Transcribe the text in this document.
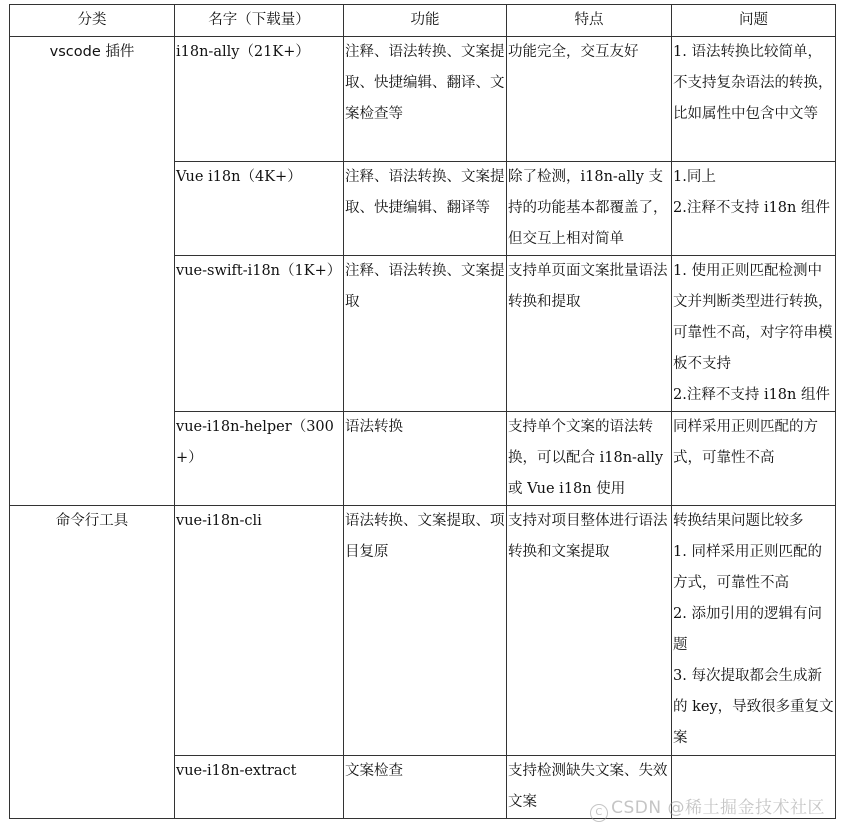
分类	名字（下载量）	功能	特点	问题
vscode 插件	i18n-ally（21K+）	注释、语法转换、文案提取、快捷编辑、翻译、文案检查等	功能完全，交互友好	1. 语法转换比较简单，不支持复杂语法的转换，比如属性中包含中文等

	Vue i18n（4K+）	注释、语法转换、文案提取、快捷编辑、翻译等	除了检测，i18n-ally 支持的功能基本都覆盖了，但交互上相对简单	1.同上
2.注释不支持 i18n 组件

	vue-swift-i18n（1K+）	注释、语法转换、文案提取	支持单页面文案批量语法转换和提取	1. 使用正则匹配检测中文并判断类型进行转换，可靠性不高，对字符串模板不支持
2.注释不支持 i18n 组件

	vue-i18n-helper（300+）	语法转换	支持单个文案的语法转换，可以配合 i18n-ally 或 Vue i18n 使用	同样采用正则匹配的方式，可靠性不高

命令行工具	vue-i18n-cli	语法转换、文案提取、项目复原	支持对项目整体进行语法转换和文案提取	转换结果问题比较多
1. 同样采用正则匹配的方式，可靠性不高
2. 添加引用的逻辑有问题
3. 每次提取都会生成新的 key，导致很多重复文案

	vue-i18n-extract	文案检查	支持检测缺失文案、失效文案	
C CSDN @稀土掘金技术社区
